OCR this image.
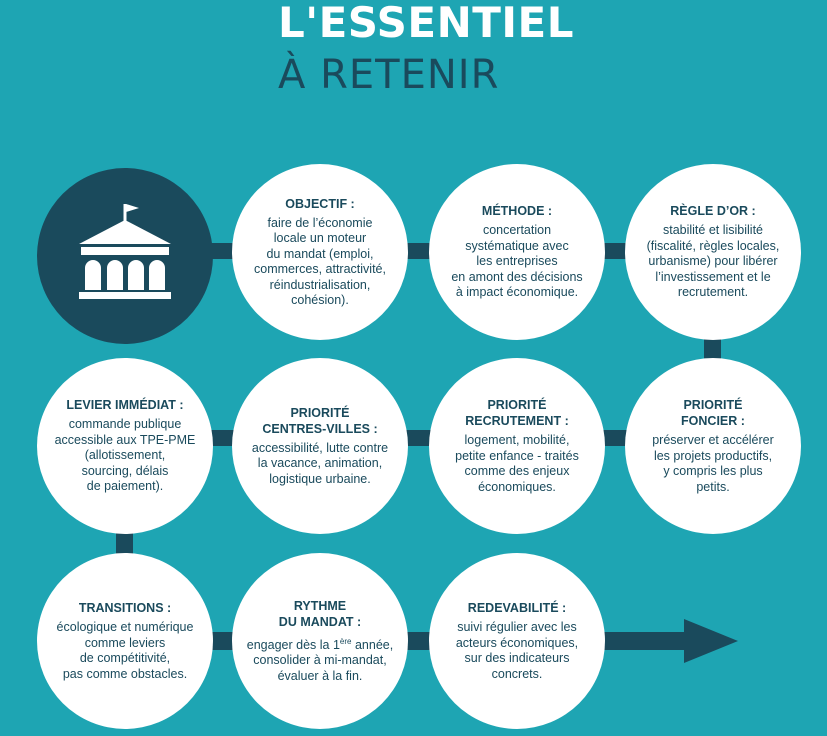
L'ESSENTIEL
À RETENIR
OBJECTIF :
faire de l’économie
locale un moteur
du mandat (emploi,
commerces, attractivité,
réindustrialisation,
cohésion).
MÉTHODE :
concertation
systématique avec
les entreprises
en amont des décisions
à impact économique.
RÈGLE D’OR :
stabilité et lisibilité
(fiscalité, règles locales,
urbanisme) pour libérer
l’investissement et le
recrutement.
PRIORITÉ
FONCIER :
préserver et accélérer
les projets productifs,
y compris les plus
petits.
PRIORITÉ
RECRUTEMENT :
logement, mobilité,
petite enfance - traités
comme des enjeux
économiques.
PRIORITÉ
CENTRES-VILLES :
accessibilité, lutte contre
la vacance, animation,
logistique urbaine.
LEVIER IMMÉDIAT :
commande publique
accessible aux TPE-PME
(allotissement,
sourcing, délais
de paiement).
TRANSITIONS :
écologique et numérique
comme leviers
de compétitivité,
pas comme obstacles.
RYTHME
DU MANDAT :
engager dès la 1ère année,
consolider à mi-mandat,
évaluer à la fin.
REDEVABILITÉ :
suivi régulier avec les
acteurs économiques,
sur des indicateurs
concrets.
